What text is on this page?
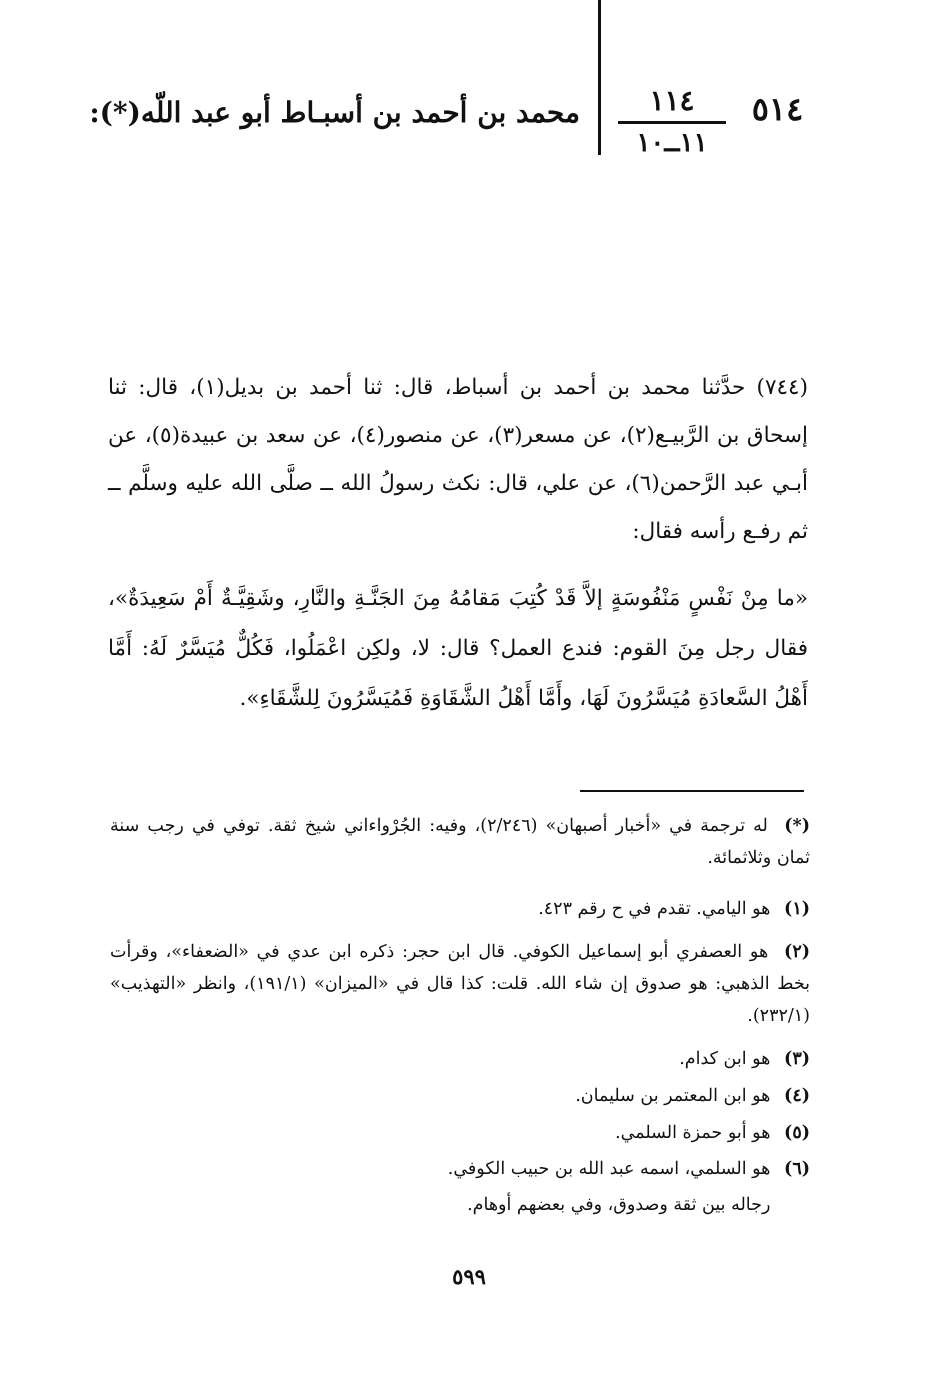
٥١٤
١١٤
١١ــ١٠
محمد بن أحمد بن أسبـاط أبو عبد اللّه(*):
(٧٤٤) حدَّثنا محمد بن أحمد بن أسباط، قال: ثنا أحمد بن بديل(١)، قال: ثنا إسحاق بن الرَّبيـع(٢)، عن مسعر(٣)، عن منصور(٤)، عن سعد بن عبيدة(٥)، عن أبـي عبد الرَّحمن(٦)، عن علي، قال: نكث رسولُ الله ــ صلَّى الله عليه وسلَّم ــ ثم رفـع رأسه فقال:
«ما مِنْ نَفْسٍ مَنْفُوسَةٍ إلاَّ قَدْ كُتِبَ مَقامُهُ مِنَ الجَنَّـةِ والنَّارِ، وشَقِيَّـةٌ أَمْ سَعِيدَةٌ»، فقال رجل مِنَ القوم: فندع العمل؟ قال: لا، ولكِن اعْمَلُوا، فَكُلٌّ مُيَسَّرٌ لَهُ: أَمَّا أَهْلُ السَّعادَةِ مُيَسَّرُونَ لَهَا، وأَمَّا أَهْلُ الشَّقَاوَةِ فَمُيَسَّرُونَ لِلشَّقَاءِ».
(*) له ترجمة في «أخبار أصبهان» (٢/٢٤٦)، وفيه: الجُرْواءاني شيخ ثقة. توفي في رجب سنة ثمان وثلاثمائة.
(١) هو اليامي. تقدم في ح رقم ٤٢٣.
(٢) هو العصفري أبو إسماعيل الكوفي. قال ابن حجر: ذكره ابن عدي في «الضعفاء»، وقرأت بخط الذهبي: هو صدوق إن شاء الله. قلت: كذا قال في «الميزان» (١٩١/١)، وانظر «التهذيب» (٢٣٢/١).
(٣) هو ابن كدام.
(٤) هو ابن المعتمر بن سليمان.
(٥) هو أبو حمزة السلمي.
(٦) هو السلمي، اسمه عبد الله بن حبيب الكوفي.
رجاله بين ثقة وصدوق، وفي بعضهم أوهام.
٥٩٩
